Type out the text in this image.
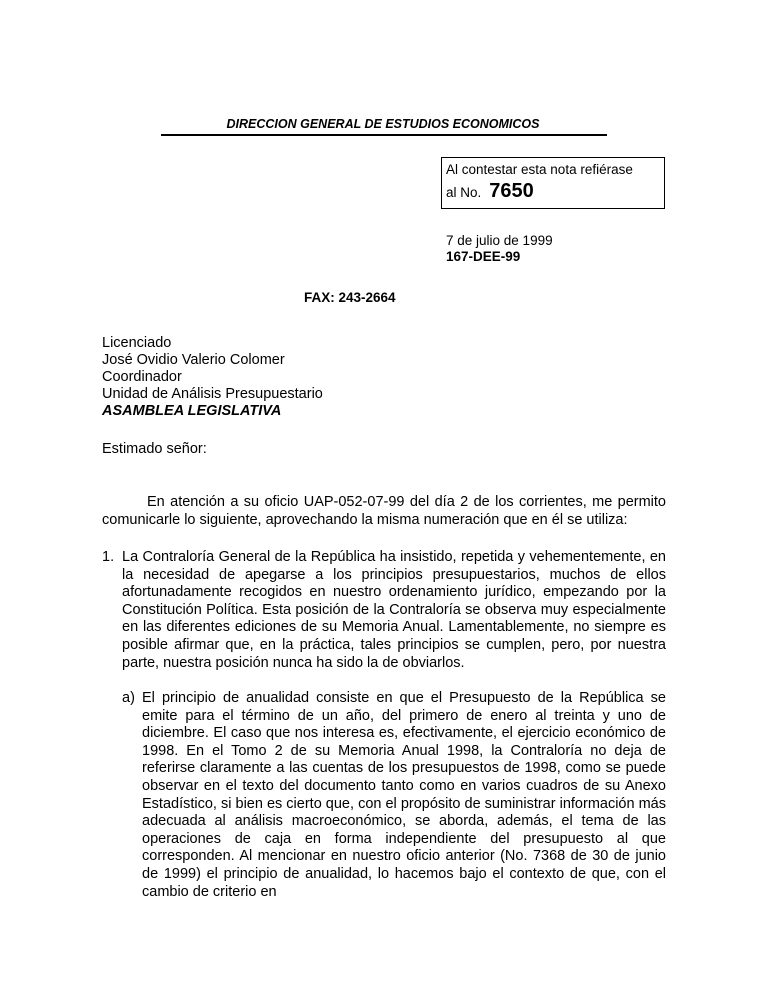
DIRECCION GENERAL DE ESTUDIOS ECONOMICOS
Al contestar esta nota refiérase
al No. 7650
7 de julio de 1999
167-DEE-99
FAX: 243-2664
Licenciado
José Ovidio Valerio Colomer
Coordinador
Unidad de Análisis Presupuestario
ASAMBLEA LEGISLATIVA
Estimado señor:
En atención a su oficio UAP-052-07-99 del día 2 de los corrientes, me permito comunicarle lo siguiente, aprovechando la misma numeración que en él se utiliza:
1. La Contraloría General de la República ha insistido, repetida y vehementemente, en la necesidad de apegarse a los principios presupuestarios, muchos de ellos afortunadamente recogidos en nuestro ordenamiento jurídico, empezando por la Constitución Política. Esta posición de la Contraloría se observa muy especialmente en las diferentes ediciones de su Memoria Anual. Lamentablemente, no siempre es posible afirmar que, en la práctica, tales principios se cumplen, pero, por nuestra parte, nuestra posición nunca ha sido la de obviarlos.
a) El principio de anualidad consiste en que el Presupuesto de la República se emite para el término de un año, del primero de enero al treinta y uno de diciembre. El caso que nos interesa es, efectivamente, el ejercicio económico de 1998. En el Tomo 2 de su Memoria Anual 1998, la Contraloría no deja de referirse claramente a las cuentas de los presupuestos de 1998, como se puede observar en el texto del documento tanto como en varios cuadros de su Anexo Estadístico, si bien es cierto que, con el propósito de suministrar información más adecuada al análisis macroeconómico, se aborda, además, el tema de las operaciones de caja en forma independiente del presupuesto al que corresponden. Al mencionar en nuestro oficio anterior (No. 7368 de 30 de junio de 1999) el principio de anualidad, lo hacemos bajo el contexto de que, con el cambio de criterio en
